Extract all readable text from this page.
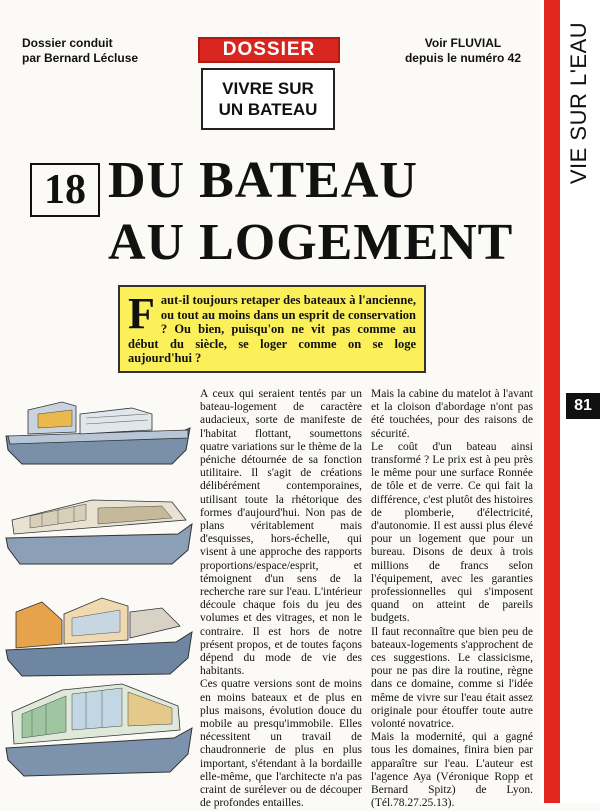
Dossier conduit
par Bernard Lécluse	DOSSIER
VIVRE SUR
UN BATEAU
Voir FLUVIAL
depuis le numéro 42	VIE SUR L'EAU
81
18 DU BATEAU
AU LOGEMENT
Faut-il toujours retaper des bateaux à l'ancienne, ou tout au moins dans un esprit de conservation ? Ou bien, puisqu'on ne vit pas comme au début du siècle, se loger comme on se loge aujourd'hui ?

A ceux qui seraient tentés par un bateau-logement de caractère audacieux, sorte de manifeste de l'habitat flottant, soumettons quatre variations sur le thème de la péniche détournée de sa fonction utilitaire. Il s'agit de créations délibérément contemporaines, utilisant toute la rhétorique des formes d'aujourd'hui. Non pas de plans véritablement mais d'esquisses, hors-échelle, qui visent à une approche des rapports proportions/espace/esprit, et témoignent d'un sens de la recherche rare sur l'eau. L'intérieur découle chaque fois du jeu des volumes et des vitrages, et non le contraire. Il est hors de notre présent propos, et de toutes façons dépend du mode de vie des habitants.

Ces quatre versions sont de moins en moins bateaux et de plus en plus maisons, évolution douce du mobile au presqu'immobile. Elles nécessitent un travail de chaudronnerie de plus en plus important, s'étendant à la bordaille elle-même, que l'architecte n'a pas craint de surélever ou de découper de profondes entailles.

Mais la cabine du matelot à l'avant et la cloison d'abordage n'ont pas été touchées, pour des raisons de sécurité.

Le coût d'un bateau ainsi transformé ? Le prix est à peu près le même pour une surface Ronnée de tôle et de verre. Ce qui fait la différence, c'est plutôt des histoires de plomberie, d'électricité, d'autonomie. Il est aussi plus élevé pour un logement que pour un bureau. Disons de deux à trois millions de francs selon l'équipement, avec les garanties professionnelles qui s'imposent quand on atteint de pareils budgets.

Il faut reconnaître que bien peu de bateaux-logements s'approchent de ces suggestions. Le classicisme, pour ne pas dire la routine, règne dans ce domaine, comme si l'idée même de vivre sur l'eau était assez originale pour étouffer toute autre volonté novatrice.

Mais la modernité, qui a gagné tous les domaines, finira bien par apparaître sur l'eau. L'auteur est l'agence Aya (Véronique Ropp et Bernard Spitz) de Lyon. (Tél.78.27.25.13).
